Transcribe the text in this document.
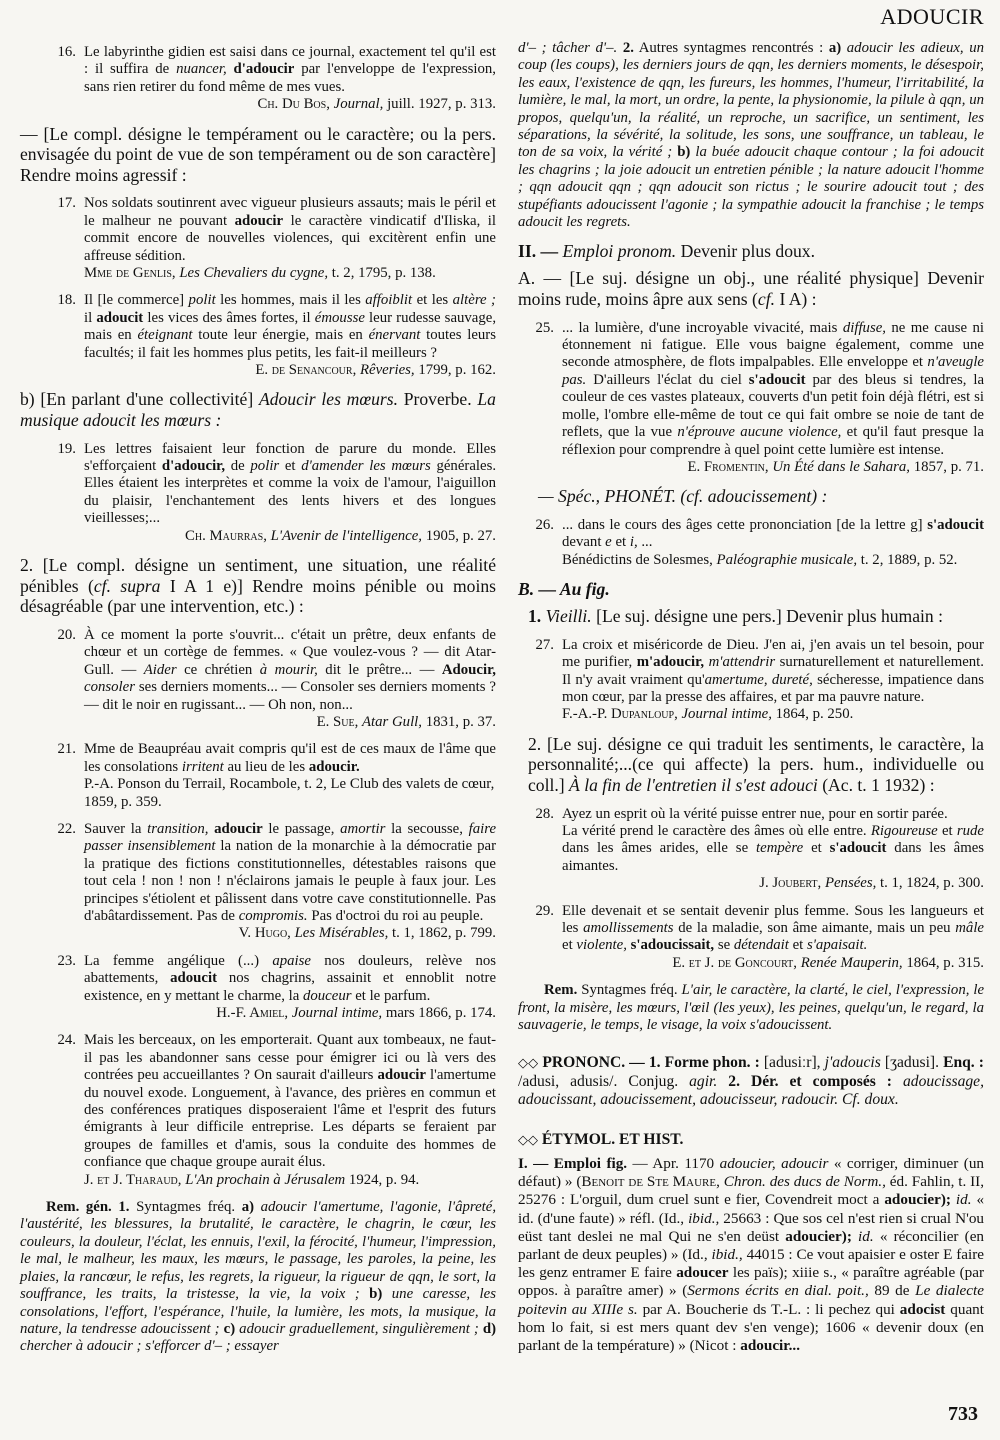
ADOUCIR
16. Le labyrinthe gidien est saisi dans ce journal, exactement tel qu'il est : il suffira de nuancer, d'adoucir par l'enveloppe de l'expression, sans rien retirer du fond même de mes vues.

Ch. Du Bos, Journal, juill. 1927, p. 313.

— [Le compl. désigne le tempérament ou le caractère; ou la pers. envisagée du point de vue de son tempérament ou de son caractère] Rendre moins agressif :

17. Nos soldats soutinrent avec vigueur plusieurs assauts; mais le péril et le malheur ne pouvant adoucir le caractère vindicatif d'Iliska, il commit encore de nouvelles violences, qui excitèrent enfin une affreuse sédition.

Mme de Genlis, Les Chevaliers du cygne, t. 2, 1795, p. 138.

18. Il [le commerce] polit les hommes, mais il les affoiblit et les altère ; il adoucit les vices des âmes fortes, il émousse leur rudesse sauvage, mais en éteignant toute leur énergie, mais en énervant toutes leurs facultés; il fait les hommes plus petits, les fait-il meilleurs ?

E. de Senancour, Rêveries, 1799, p. 162.

b) [En parlant d'une collectivité] Adoucir les mœurs. Proverbe. La musique adoucit les mœurs :

19. Les lettres faisaient leur fonction de parure du monde. Elles s'efforçaient d'adoucir, de polir et d'amender les mœurs générales. Elles étaient les interprètes et comme la voix de l'amour, l'aiguillon du plaisir, l'enchantement des lents hivers et des longues vieillesses;...

Ch. Maurras, L'Avenir de l'intelligence, 1905, p. 27.

2. [Le compl. désigne un sentiment, une situation, une réalité pénibles (cf. supra I A 1 e)] Rendre moins pénible ou moins désagréable (par une intervention, etc.) :

20. À ce moment la porte s'ouvrit... c'était un prêtre, deux enfants de chœur et un cortège de femmes. « Que voulez-vous ? — dit Atar-Gull. — Aider ce chrétien à mourir, dit le prêtre... — Adoucir, consoler ses derniers moments... — Consoler ses derniers moments ? — dit le noir en rugissant... — Oh non, non...

E. Sue, Atar Gull, 1831, p. 37.

21. Mme de Beaupréau avait compris qu'il est de ces maux de l'âme que les consolations irritent au lieu de les adoucir.

P.-A. Ponson du Terrail, Rocambole, t. 2, Le Club des valets de cœur, 1859, p. 359.

22. Sauver la transition, adoucir le passage, amortir la secousse, faire passer insensiblement la nation de la monarchie à la démocratie par la pratique des fictions constitutionnelles, détestables raisons que tout cela ! non ! non ! n'éclairons jamais le peuple à faux jour. Les principes s'étiolent et pâlissent dans votre cave constitutionnelle. Pas d'abâtardissement. Pas de compromis. Pas d'octroi du roi au peuple.

V. Hugo, Les Misérables, t. 1, 1862, p. 799.

23. La femme angélique (...) apaise nos douleurs, relève nos abattements, adoucit nos chagrins, assainit et ennoblit notre existence, en y mettant le charme, la douceur et le parfum.

H.-F. Amiel, Journal intime, mars 1866, p. 174.

24. Mais les berceaux, on les emporterait. Quant aux tombeaux, ne faut-il pas les abandonner sans cesse pour émigrer ici ou là vers des contrées peu accueillantes ? On saurait d'ailleurs adoucir l'amertume du nouvel exode. Longuement, à l'avance, des prières en commun et des conférences pratiques disposeraient l'âme et l'esprit des futurs émigrants à leur difficile entreprise. Les départs se feraient par groupes de familles et d'amis, sous la conduite des hommes de confiance que chaque groupe aurait élus.

J. et J. Tharaud, L'An prochain à Jérusalem 1924, p. 94.

Rem. gén. 1. Syntagmes fréq. a) adoucir l'amertume, l'agonie, l'âpreté, l'austérité, les blessures, la brutalité, le caractère, le chagrin, le cœur, les couleurs, la douleur, l'éclat, les ennuis, l'exil, la férocité, l'humeur, l'impression, le mal, le malheur, les maux, les mœurs, le passage, les paroles, la peine, les plaies, la rancœur, le refus, les regrets, la rigueur, la rigueur de qqn, le sort, la souffrance, les traits, la tristesse, la vie, la voix ; b) une caresse, les consolations, l'effort, l'espérance, l'huile, la lumière, les mots, la musique, la nature, la tendresse adoucissent ; c) adoucir graduellement, singulièrement ; d) chercher à adoucir ; s'efforcer d'– ; essayer

d'– ; tâcher d'–. 2. Autres syntagmes rencontrés : a) adoucir les adieux, un coup (les coups), les derniers jours de qqn, les derniers moments, le désespoir, les eaux, l'existence de qqn, les fureurs, les hommes, l'humeur, l'irritabilité, la lumière, le mal, la mort, un ordre, la pente, la physionomie, la pilule à qqn, un propos, quelqu'un, la réalité, un reproche, un sacrifice, un sentiment, les séparations, la sévérité, la solitude, les sons, une souffrance, un tableau, le ton de sa voix, la vérité ; b) la buée adoucit chaque contour ; la foi adoucit les chagrins ; la joie adoucit un entretien pénible ; la nature adoucit l'homme ; qqn adoucit qqn ; qqn adoucit son rictus ; le sourire adoucit tout ; des stupéfiants adoucissent l'agonie ; la sympathie adoucit la franchise ; le temps adoucit les regrets.

II. — Emploi pronom. Devenir plus doux.

A. — [Le suj. désigne un obj., une réalité physique] Devenir moins rude, moins âpre aux sens (cf. I A) :

25. ... la lumière, d'une incroyable vivacité, mais diffuse, ne me cause ni étonnement ni fatigue. Elle vous baigne également, comme une seconde atmosphère, de flots impalpables. Elle enveloppe et n'aveugle pas. D'ailleurs l'éclat du ciel s'adoucit par des bleus si tendres, la couleur de ces vastes plateaux, couverts d'un petit foin déjà flétri, est si molle, l'ombre elle-même de tout ce qui fait ombre se noie de tant de reflets, que la vue n'éprouve aucune violence, et qu'il faut presque la réflexion pour comprendre à quel point cette lumière est intense.

E. Fromentin, Un Été dans le Sahara, 1857, p. 71.

— Spéc., PHONÉT. (cf. adoucissement) :

26. ... dans le cours des âges cette prononciation [de la lettre g] s'adoucit devant e et i, ...

Bénédictins de Solesmes, Paléographie musicale, t. 2, 1889, p. 52.

B. — Au fig.

1. Vieilli. [Le suj. désigne une pers.] Devenir plus humain :

27. La croix et miséricorde de Dieu. J'en ai, j'en avais un tel besoin, pour me purifier, m'adoucir, m'attendrir surnaturellement et naturellement. Il n'y avait vraiment qu'amertume, dureté, sécheresse, impatience dans mon cœur, par la presse des affaires, et par ma pauvre nature.

F.-A.-P. Dupanloup, Journal intime, 1864, p. 250.

2. [Le suj. désigne ce qui traduit les sentiments, le caractère, la personnalité;...(ce qui affecte) la pers. hum., individuelle ou coll.] À la fin de l'entretien il s'est adouci (Ac. t. 1 1932) :

28. Ayez un esprit où la vérité puisse entrer nue, pour en sortir parée.

La vérité prend le caractère des âmes où elle entre. Rigoureuse et rude dans les âmes arides, elle se tempère et s'adoucit dans les âmes aimantes.

J. Joubert, Pensées, t. 1, 1824, p. 300.

29. Elle devenait et se sentait devenir plus femme. Sous les langueurs et les amollissements de la maladie, son âme aimante, mais un peu mâle et violente, s'adoucissait, se détendait et s'apaisait.

E. et J. de Goncourt, Renée Mauperin, 1864, p. 315.

Rem. Syntagmes fréq. L'air, le caractère, la clarté, le ciel, l'expression, le front, la misère, les mœurs, l'œil (les yeux), les peines, quelqu'un, le regard, la sauvagerie, le temps, le visage, la voix s'adoucissent.

◇◇ PRONONC. — 1. Forme phon. : [adusiːr], j'adoucis [ʒadusi]. Enq. : /adusi, adusis/. Conjug. agir. 2. Dér. et composés : adoucissage, adoucissant, adoucissement, adoucisseur, radoucir. Cf. doux.

◇◇ ÉTYMOL. ET HIST.

I. — Emploi fig. — Apr. 1170 adoucier, adoucir « corriger, diminuer (un défaut) » (Benoit de Ste Maure, Chron. des ducs de Norm., éd. Fahlin, t. II, 25276 : L'orguil, dum cruel sunt e fier, Covendreit moct a adoucier); id. « id. (d'une faute) » réfl. (Id., ibid., 25663 : Que sos cel n'est rien si crual N'ou eüst tant deslei ne mal Qui ne s'en deüst adoucier); id. « réconcilier (en parlant de deux peuples) » (Id., ibid., 44015 : Ce vout apaisier e oster E faire les genz entramer E faire adoucer les païs); xiiie s., « paraître agréable (par oppos. à paraître amer) » (Sermons écrits en dial. poit., 89 de Le dialecte poitevin au XIIIe s. par A. Boucherie ds T.-L. : li pechez qui adocist quant hom lo fait, si est mers quant dev s'en venge); 1606 « devenir doux (en parlant de la température) » (Nicot : adoucir...

733
